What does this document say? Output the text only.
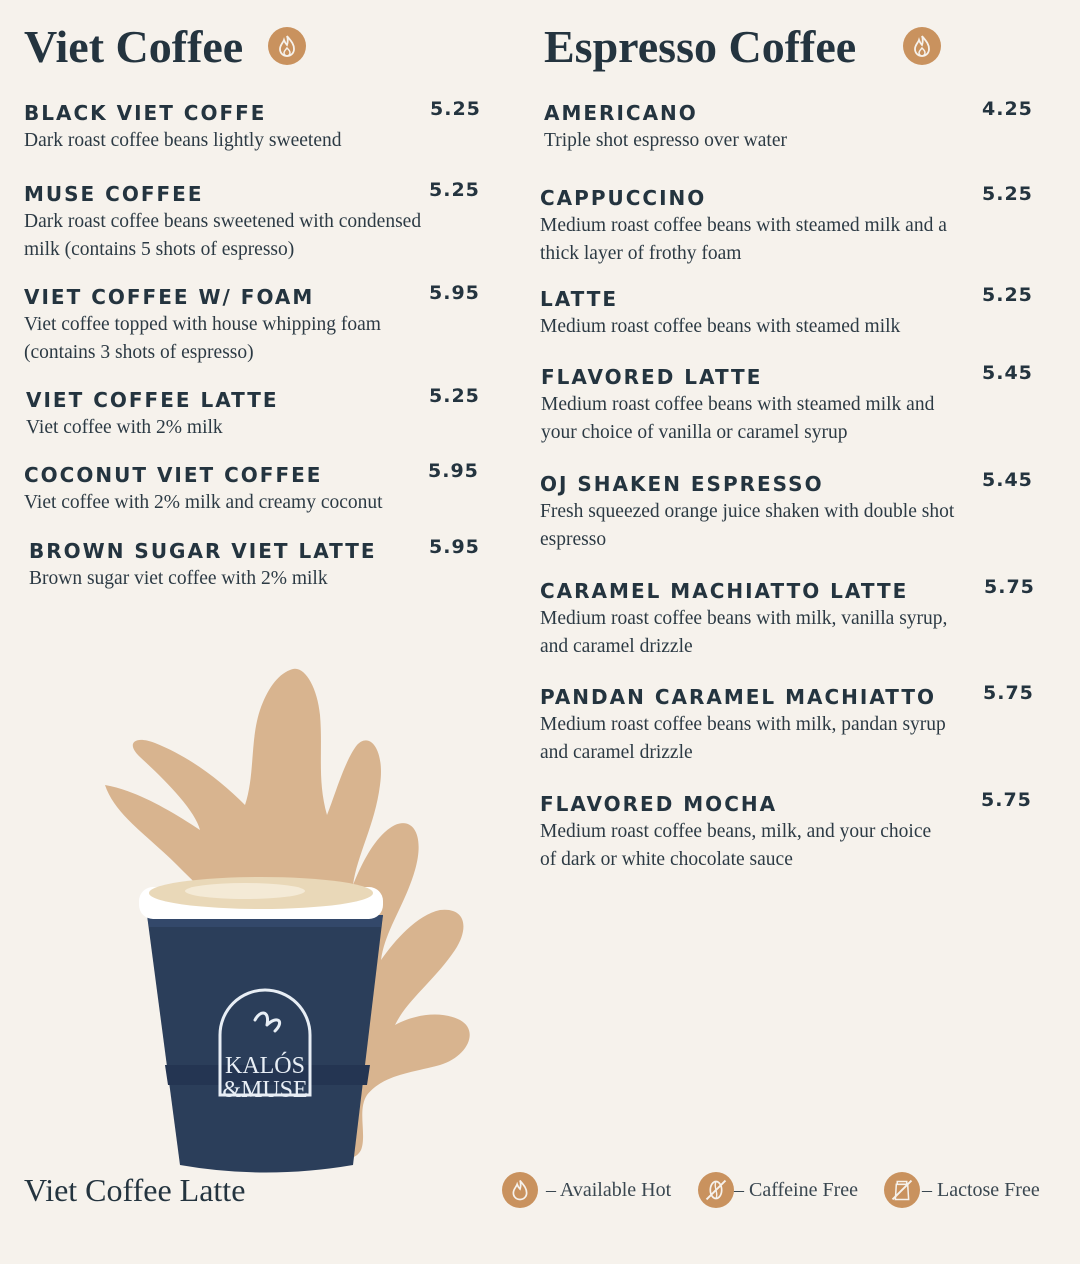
Viet Coffee
BLACK VIET COFFE	5.25
Dark roast coffee beans lightly sweetend
MUSE COFFEE	5.25
Dark roast coffee beans sweetened with condensed milk (contains 5 shots of espresso)
VIET COFFEE W/ FOAM	5.95
Viet coffee topped with house whipping foam (contains 3 shots of espresso)
VIET COFFEE LATTE	5.25
Viet coffee with 2% milk
COCONUT VIET COFFEE	5.95
Viet coffee with 2% milk and creamy coconut
BROWN SUGAR VIET LATTE	5.95
Brown sugar viet coffee with 2% milk
Espresso Coffee
AMERICANO	4.25
Triple shot espresso over water
CAPPUCCINO	5.25
Medium roast coffee beans with steamed milk and a thick layer of frothy foam
LATTE	5.25
Medium roast coffee beans with steamed milk
FLAVORED LATTE	5.45
Medium roast coffee beans with steamed milk and your choice of vanilla or caramel syrup
OJ SHAKEN ESPRESSO	5.45
Fresh squeezed orange juice shaken with double shot espresso
CARAMEL MACHIATTO LATTE	5.75
Medium roast coffee beans with milk, vanilla syrup, and caramel drizzle
PANDAN CARAMEL MACHIATTO	5.75
Medium roast coffee beans with milk, pandan syrup and caramel drizzle
FLAVORED MOCHA	5.75
Medium roast coffee beans, milk, and your choice of dark or white chocolate sauce
KALÓS
&MUSE
Viet Coffee Latte	– Available Hot	– Caffeine Free	– Lactose Free
